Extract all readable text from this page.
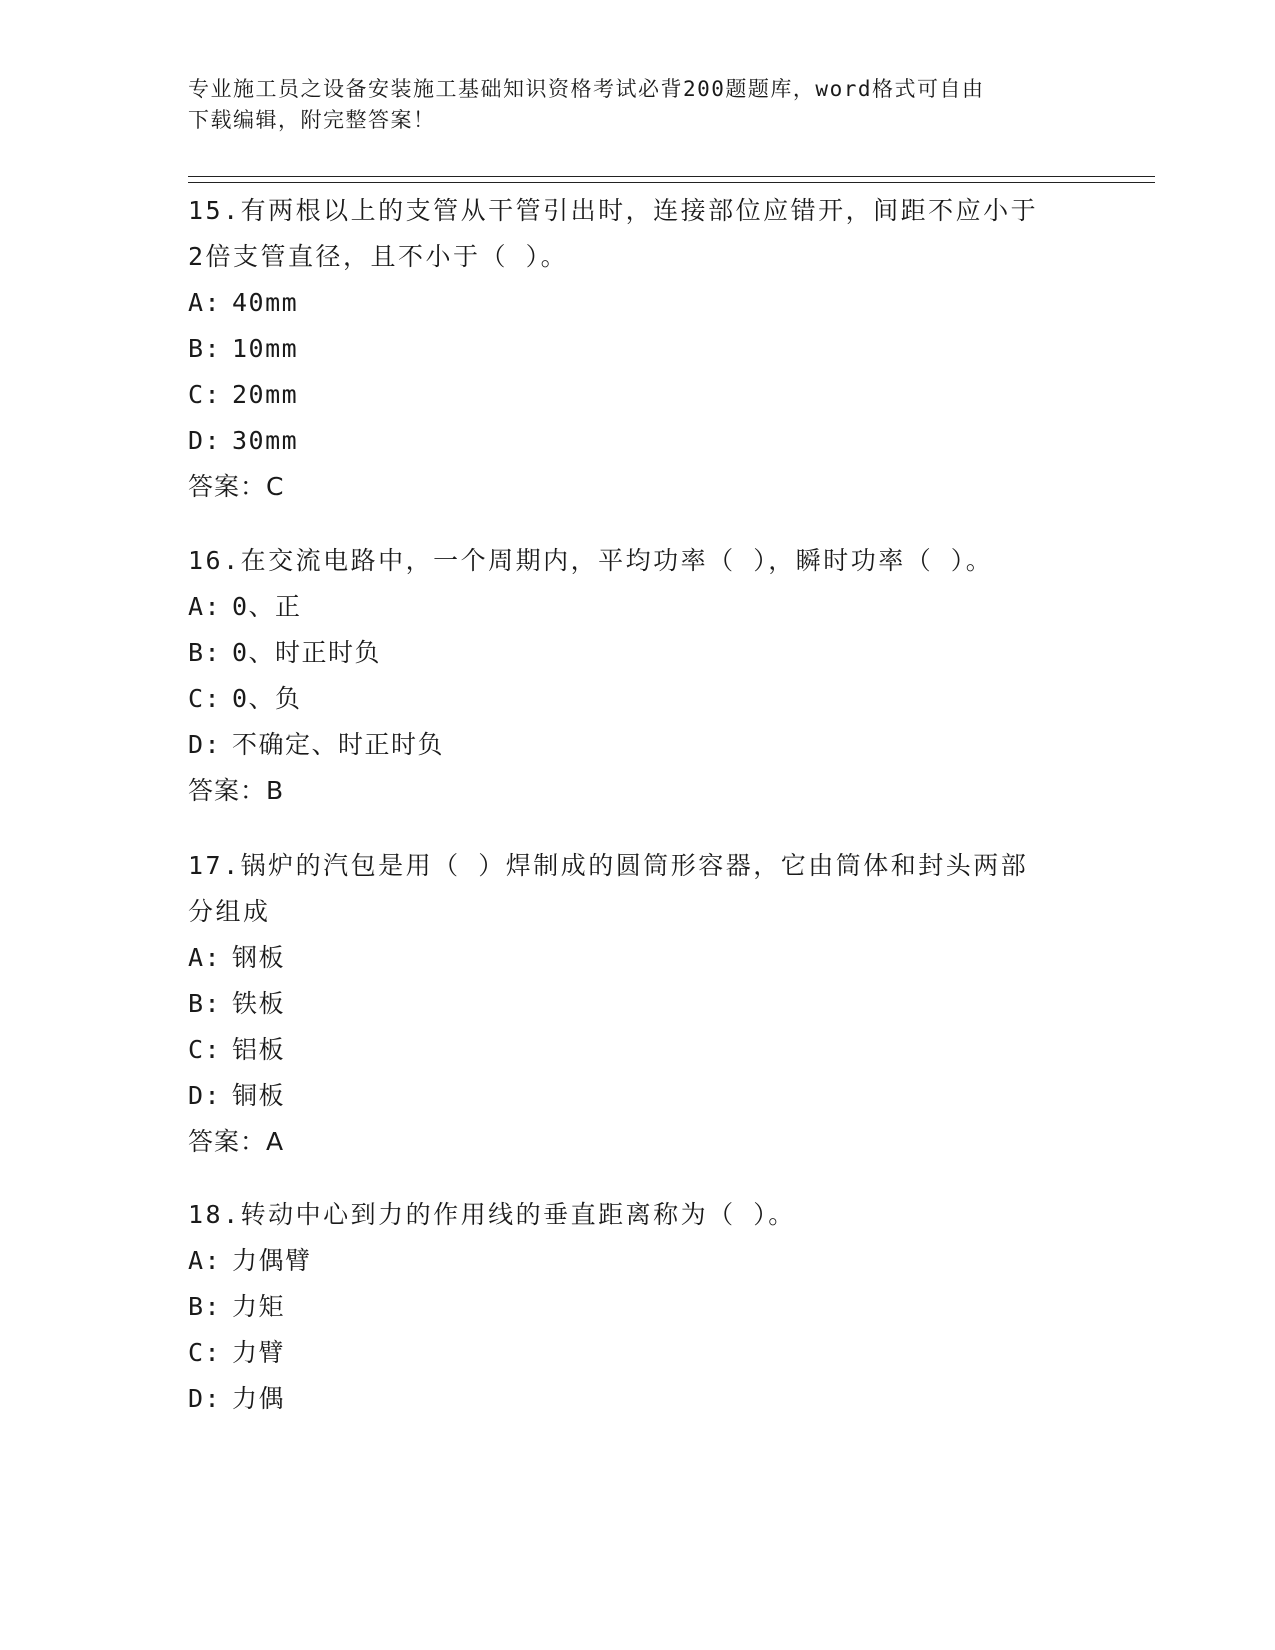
专业施工员之设备安装施工基础知识资格考试必背200题题库，word格式可自由
下载编辑，附完整答案！
15.有两根以上的支管从干管引出时，连接部位应错开，间距不应小于
2倍支管直径，且不小于（ ）。
A: 40mm
B: 10mm
C: 20mm
D: 30mm
答案：C
16.在交流电路中，一个周期内，平均功率（ ），瞬时功率（ ）。
A: 0、正
B: 0、时正时负
C: 0、负
D: 不确定、时正时负
答案：B
17.锅炉的汽包是用（ ）焊制成的圆筒形容器，它由筒体和封头两部
分组成
A: 钢板
B: 铁板
C: 铝板
D: 铜板
答案：A
18.转动中心到力的作用线的垂直距离称为（ ）。
A: 力偶臂
B: 力矩
C: 力臂
D: 力偶
